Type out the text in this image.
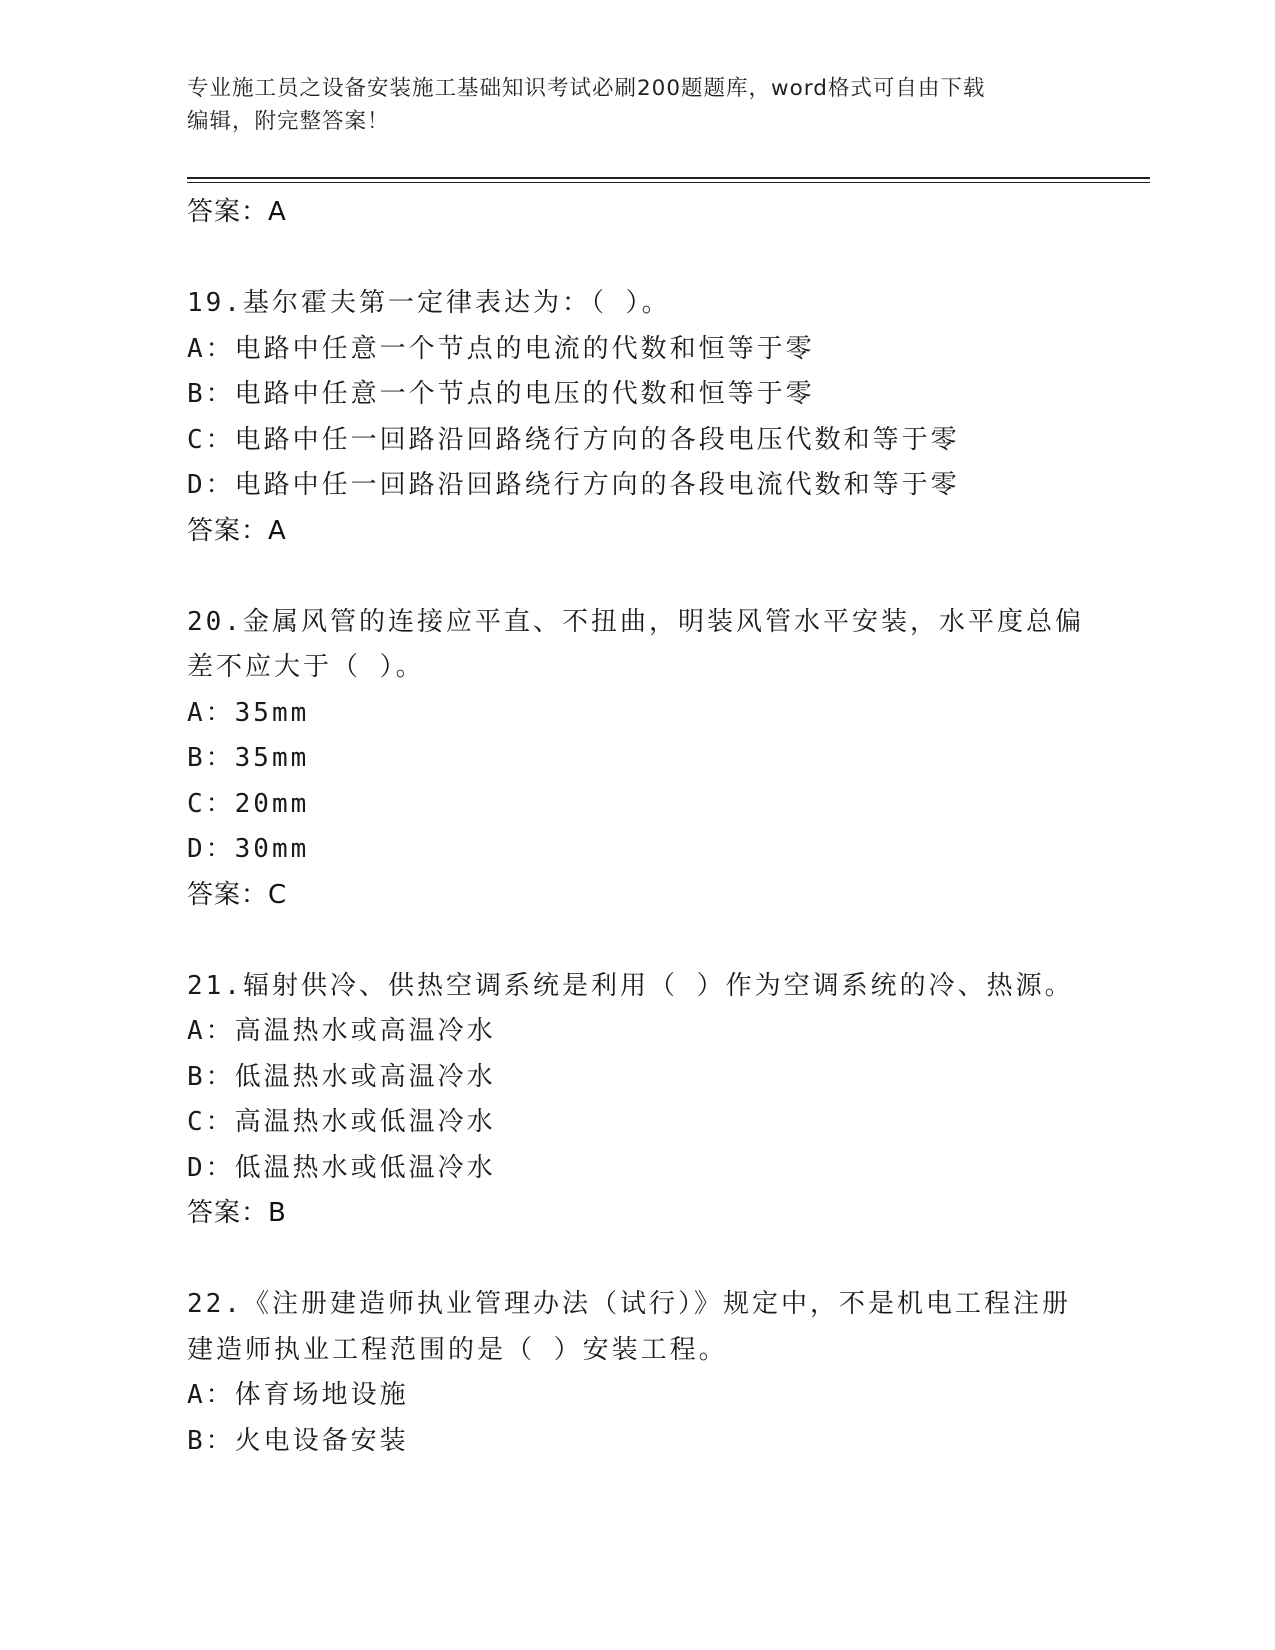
专业施工员之设备安装施工基础知识考试必刷200题题库，word格式可自由下载
编辑，附完整答案！
答案：A
19.基尔霍夫第一定律表达为：（ ）。
A：电路中任意一个节点的电流的代数和恒等于零
B：电路中任意一个节点的电压的代数和恒等于零
C：电路中任一回路沿回路绕行方向的各段电压代数和等于零
D：电路中任一回路沿回路绕行方向的各段电流代数和等于零
答案：A
20.金属风管的连接应平直、不扭曲，明装风管水平安装，水平度总偏
差不应大于（ ）。
A：35mm
B：35mm
C：20mm
D：30mm
答案：C
21.辐射供冷、供热空调系统是利用（ ）作为空调系统的冷、热源。
A：高温热水或高温冷水
B：低温热水或高温冷水
C：高温热水或低温冷水
D：低温热水或低温冷水
答案：B
22.《注册建造师执业管理办法（试行）》规定中，不是机电工程注册
建造师执业工程范围的是（ ）安装工程。
A：体育场地设施
B：火电设备安装
